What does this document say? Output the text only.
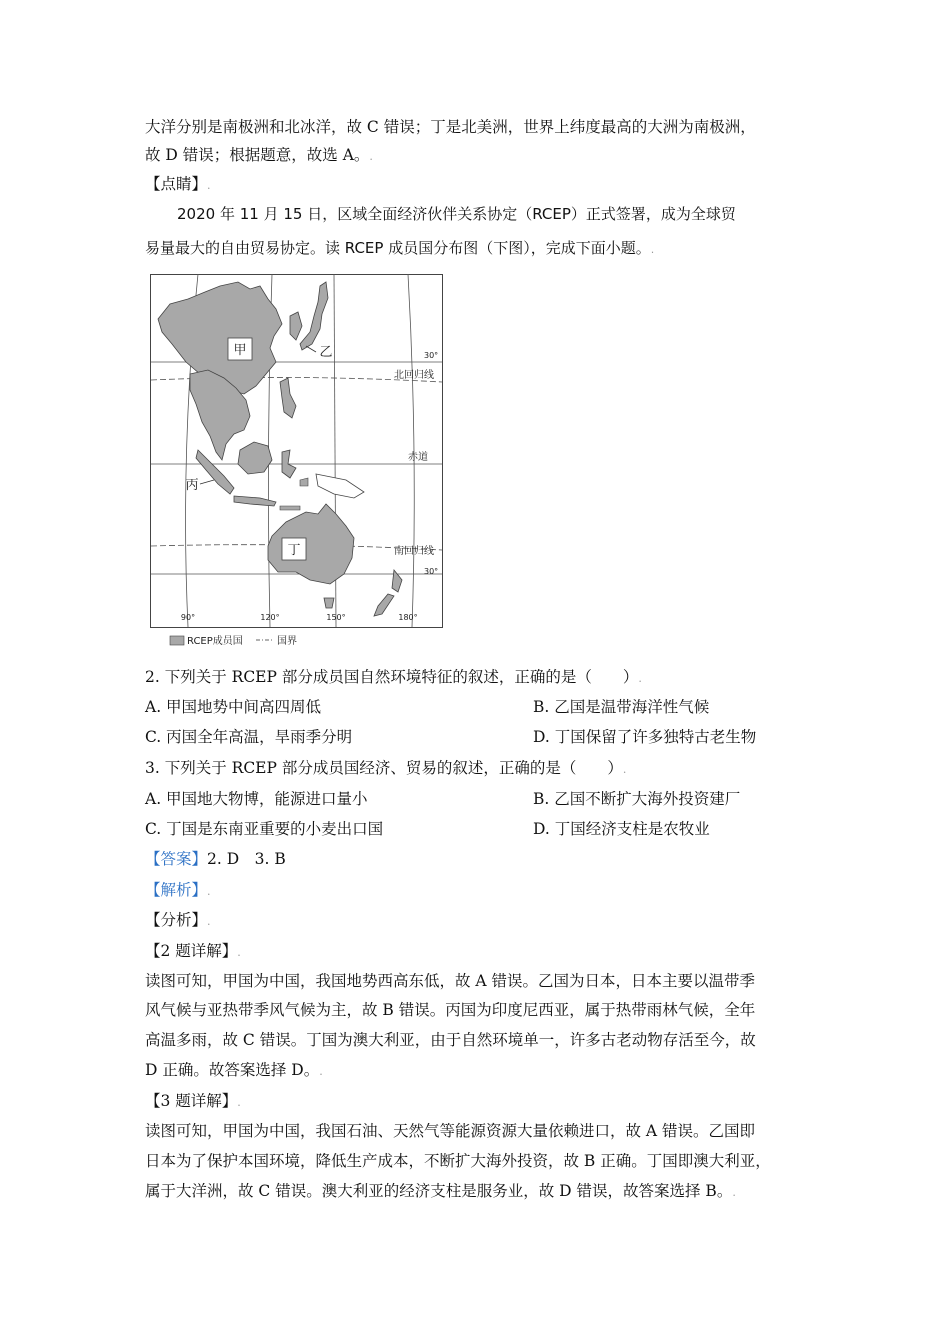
大洋分别是南极洲和北冰洋，故 C 错误；丁是北美洲，世界上纬度最高的大洲为南极洲，
故 D 错误；根据题意，故选 A。.
【点睛】.
2020 年 11 月 15 日，区域全面经济伙伴关系协定（RCEP）正式签署，成为全球贸
易量最大的自由贸易协定。读 RCEP 成员国分布图（下图），完成下面小题。.
甲	乙
丙
丁
北回归线
赤道
南回归线
30°
30°
90°	120°	150°	180°
RCEP成员国	国界
2. 下列关于 RCEP 部分成员国自然环境特征的叙述，正确的是（　　）.
A. 甲国地势中间高四周低	B. 乙国是温带海洋性气候
C. 丙国全年高温，旱雨季分明	D. 丁国保留了许多独特古老生物
3. 下列关于 RCEP 部分成员国经济、贸易的叙述，正确的是（　　）.
A. 甲国地大物博，能源进口量小	B. 乙国不断扩大海外投资建厂
C. 丁国是东南亚重要的小麦出口国	D. 丁国经济支柱是农牧业
【答案】2. D　3. B
【解析】.
【分析】.
【2 题详解】.
读图可知，甲国为中国，我国地势西高东低，故 A 错误。乙国为日本，日本主要以温带季
风气候与亚热带季风气候为主，故 B 错误。丙国为印度尼西亚，属于热带雨林气候，全年
高温多雨，故 C 错误。丁国为澳大利亚，由于自然环境单一，许多古老动物存活至今，故
D 正确。故答案选择 D。.
【3 题详解】.
读图可知，甲国为中国，我国石油、天然气等能源资源大量依赖进口，故 A 错误。乙国即
日本为了保护本国环境，降低生产成本，不断扩大海外投资，故 B 正确。丁国即澳大利亚，
属于大洋洲，故 C 错误。澳大利亚的经济支柱是服务业，故 D 错误，故答案选择 B。.
